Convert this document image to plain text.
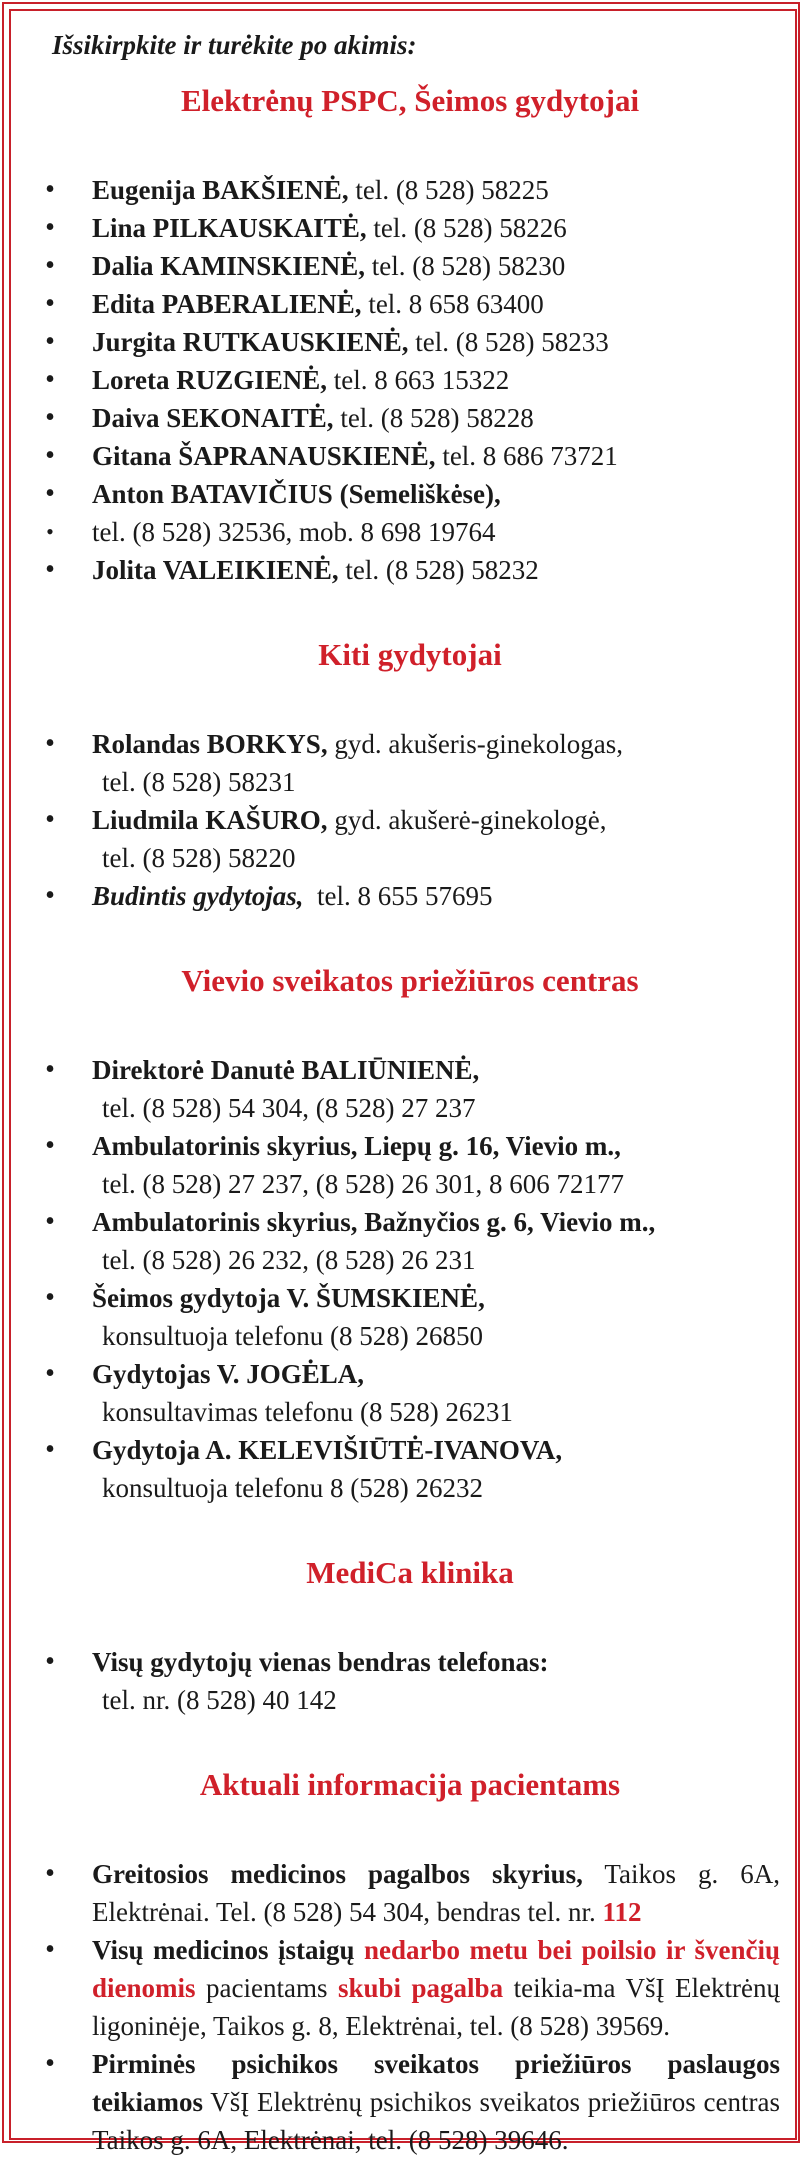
Išsikirpkite ir turėkite po akimis:
Elektrėnų PSPC, Šeimos gydytojai
• Eugenija BAKŠIENĖ, tel. (8 528) 58225
• Lina PILKAUSKAITĖ, tel. (8 528) 58226
• Dalia KAMINSKIENĖ, tel. (8 528) 58230
• Edita PABERALIENĖ, tel. 8 658 63400
• Jurgita RUTKAUSKIENĖ, tel. (8 528) 58233
• Loreta RUZGIENĖ, tel. 8 663 15322
• Daiva SEKONAITĖ, tel. (8 528) 58228
• Gitana ŠAPRANAUSKIENĖ, tel. 8 686 73721
• Anton BATAVIČIUS (Semeliškėse),
• tel. (8 528) 32536, mob. 8 698 19764
• Jolita VALEIKIENĖ, tel. (8 528) 58232
Kiti gydytojai
• Rolandas BORKYS, gyd. akušeris-ginekologas,
tel. (8 528) 58231
• Liudmila KAŠURO, gyd. akušerė-ginekologė,
tel. (8 528) 58220
• Budintis gydytojas, tel. 8 655 57695
Vievio sveikatos priežiūros centras
• Direktorė Danutė BALIŪNIENĖ,
tel. (8 528) 54 304, (8 528) 27 237
• Ambulatorinis skyrius, Liepų g. 16, Vievio m.,
tel. (8 528) 27 237, (8 528) 26 301, 8 606 72177
• Ambulatorinis skyrius, Bažnyčios g. 6, Vievio m.,
tel. (8 528) 26 232, (8 528) 26 231
• Šeimos gydytoja V. ŠUMSKIENĖ,
konsultuoja telefonu (8 528) 26850
• Gydytojas V. JOGĖLA,
konsultavimas telefonu (8 528) 26231
• Gydytoja A. KELEVIŠIŪTĖ-IVANOVA,
konsultuoja telefonu 8 (528) 26232
MediCa klinika
• Visų gydytojų vienas bendras telefonas:
tel. nr. (8 528) 40 142
Aktuali informacija pacientams
• Greitosios medicinos pagalbos skyrius, Taikos g. 6A, Elektrėnai. Tel. (8 528) 54 304, bendras tel. nr. 112
• Visų medicinos įstaigų nedarbo metu bei poilsio ir švenčių dienomis pacientams skubi pagalba teikia-ma VšĮ Elektrėnų ligoninėje, Taikos g. 8, Elektrėnai, tel. (8 528) 39569.
• Pirminės psichikos sveikatos priežiūros paslaugos teikiamos VšĮ Elektrėnų psichikos sveikatos priežiūros centras Taikos g. 6A, Elektrėnai, tel. (8 528) 39646.
